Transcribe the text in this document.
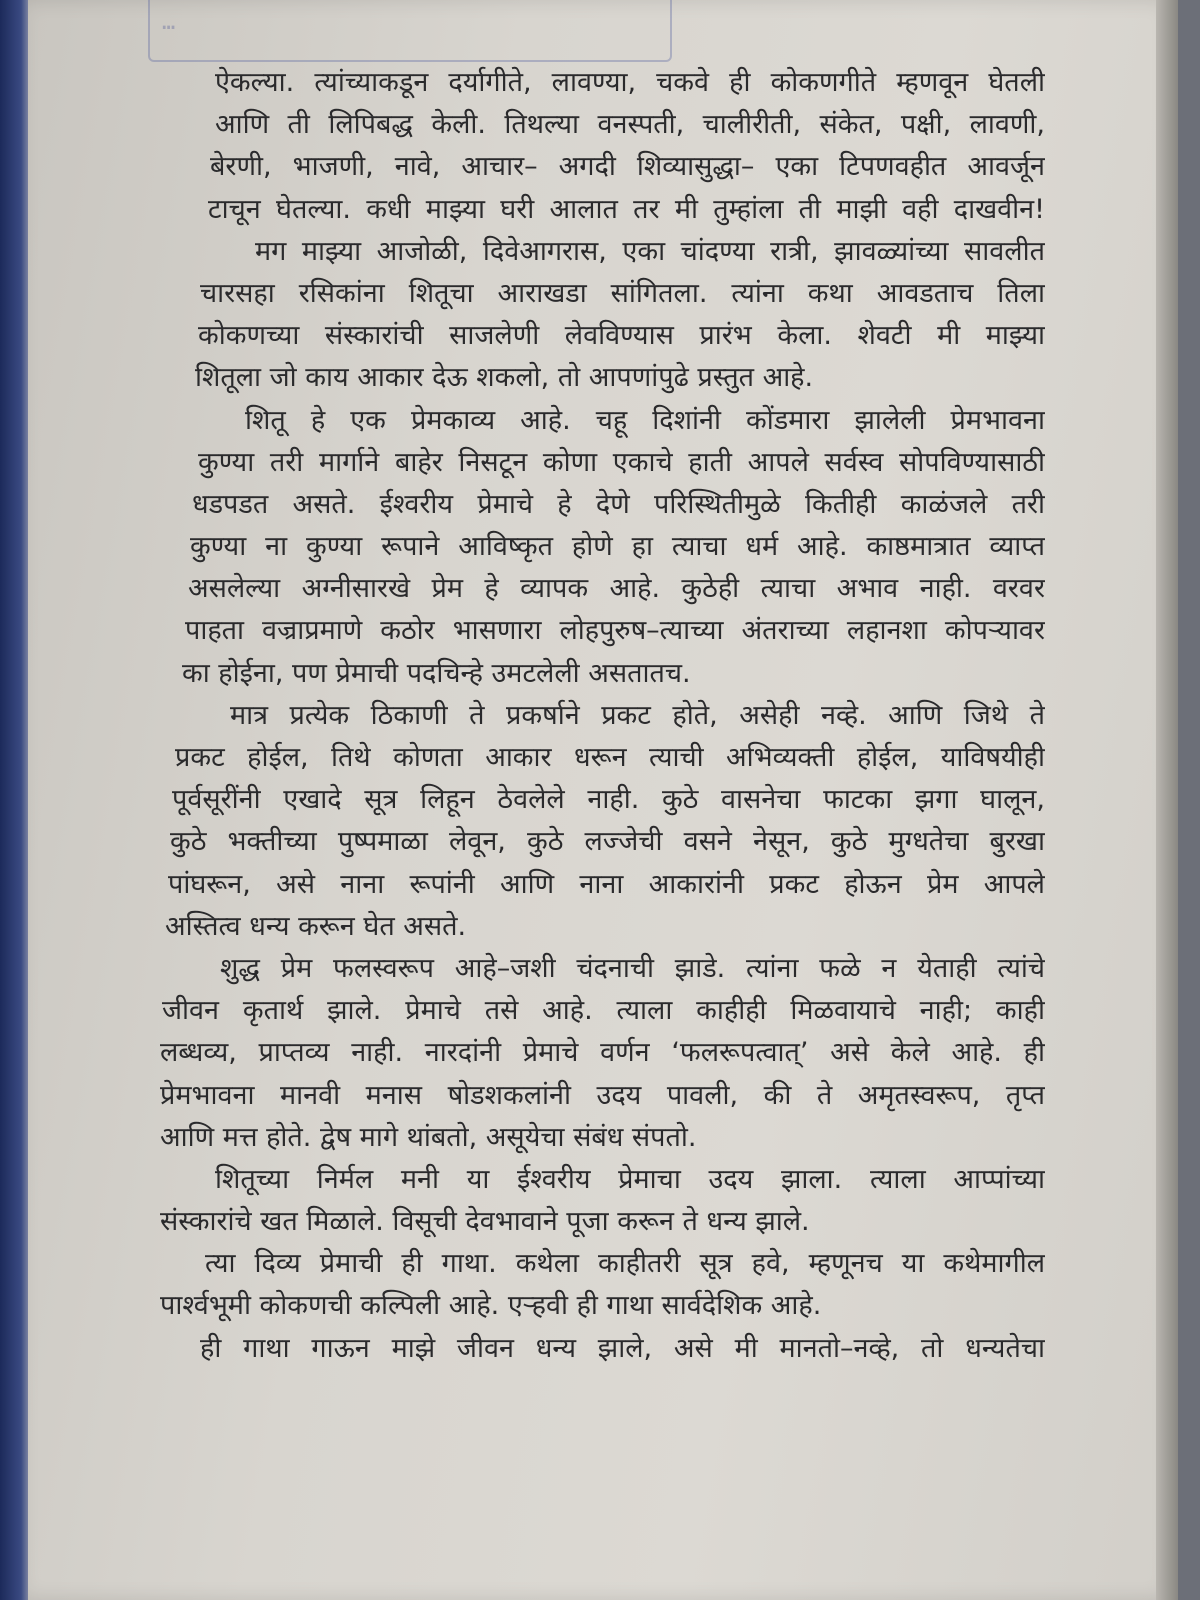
…
ऐकल्या. त्यांच्याकडून दर्यागीते, लावण्या, चकवे ही कोकणगीते म्हणवून घेतली
आणि ती लिपिबद्ध केली. तिथल्या वनस्पती, चालीरीती, संकेत, पक्षी, लावणी,
बेरणी, भाजणी, नावे, आचार– अगदी शिव्यासुद्धा– एका टिपणवहीत आवर्जून
टाचून घेतल्या. कधी माझ्या घरी आलात तर मी तुम्हांला ती माझी वही दाखवीन!
मग माझ्या आजोळी, दिवेआगरास, एका चांदण्या रात्री, झावळ्यांच्या सावलीत
चारसहा रसिकांना शितूचा आराखडा सांगितला. त्यांना कथा आवडताच तिला
कोकणच्या संस्कारांची साजलेणी लेवविण्यास प्रारंभ केला. शेवटी मी माझ्या
शितूला जो काय आकार देऊ शकलो, तो आपणांपुढे प्रस्तुत आहे.
शितू हे एक प्रेमकाव्य आहे. चहू दिशांनी कोंडमारा झालेली प्रेमभावना
कुण्या तरी मार्गाने बाहेर निसटून कोणा एकाचे हाती आपले सर्वस्व सोपविण्यासाठी
धडपडत असते. ईश्वरीय प्रेमाचे हे देणे परिस्थितीमुळे कितीही काळंजले तरी
कुण्या ना कुण्या रूपाने आविष्कृत होणे हा त्याचा धर्म आहे. काष्ठमात्रात व्याप्त
असलेल्या अग्नीसारखे प्रेम हे व्यापक आहे. कुठेही त्याचा अभाव नाही. वरवर
पाहता वज्राप्रमाणे कठोर भासणारा लोहपुरुष–त्याच्या अंतराच्या लहानशा कोपऱ्यावर
का होईना, पण प्रेमाची पदचिन्हे उमटलेली असतातच.
मात्र प्रत्येक ठिकाणी ते प्रकर्षाने प्रकट होते, असेही नव्हे. आणि जिथे ते
प्रकट होईल, तिथे कोणता आकार धरून त्याची अभिव्यक्ती होईल, याविषयीही
पूर्वसूरींनी एखादे सूत्र लिहून ठेवलेले नाही. कुठे वासनेचा फाटका झगा घालून,
कुठे भक्तीच्या पुष्पमाळा लेवून, कुठे लज्जेची वसने नेसून, कुठे मुग्धतेचा बुरखा
पांघरून, असे नाना रूपांनी आणि नाना आकारांनी प्रकट होऊन प्रेम आपले
अस्तित्व धन्य करून घेत असते.
शुद्ध प्रेम फलस्वरूप आहे–जशी चंदनाची झाडे. त्यांना फळे न येताही त्यांचे
जीवन कृतार्थ झाले. प्रेमाचे तसे आहे. त्याला काहीही मिळवायाचे नाही; काही
लब्धव्य, प्राप्तव्य नाही. नारदांनी प्रेमाचे वर्णन ‘फलरूपत्वात्’ असे केले आहे. ही
प्रेमभावना मानवी मनास षोडशकलांनी उदय पावली, की ते अमृतस्वरूप, तृप्त
आणि मत्त होते. द्वेष मागे थांबतो, असूयेचा संबंध संपतो.
शितूच्या निर्मल मनी या ईश्वरीय प्रेमाचा उदय झाला. त्याला आप्पांच्या
संस्कारांचे खत मिळाले. विसूची देवभावाने पूजा करून ते धन्य झाले.
त्या दिव्य प्रेमाची ही गाथा. कथेला काहीतरी सूत्र हवे, म्हणूनच या कथेमागील
पार्श्वभूमी कोकणची कल्पिली आहे. एऱ्हवी ही गाथा सार्वदेशिक आहे.
ही गाथा गाऊन माझे जीवन धन्य झाले, असे मी मानतो–नव्हे, तो धन्यतेचा
